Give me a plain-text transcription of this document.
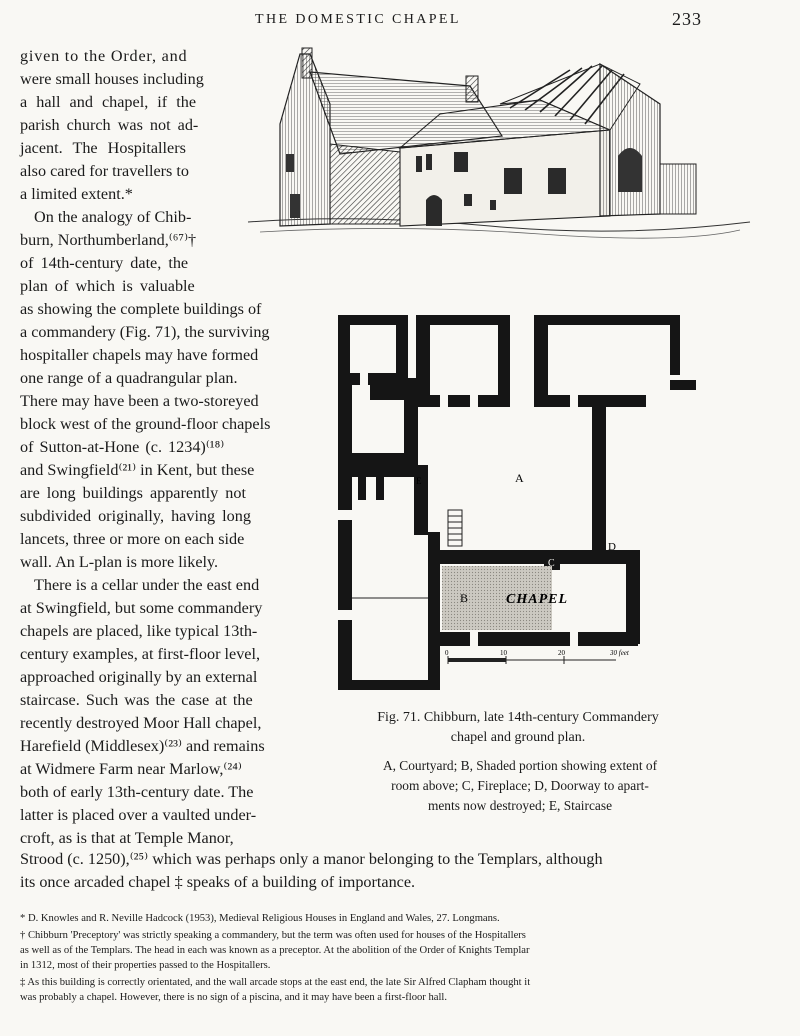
THE DOMESTIC CHAPEL	233
given to the Order, and
were small houses including
a hall and chapel, if the
parish church was not ad-
jacent. The Hospitallers
also cared for travellers to
a limited extent.*
On the analogy of Chib-
burn, Northumberland,⁽⁶⁷⁾†
of 14th-century date, the
plan of which is valuable
as showing the complete buildings of
a commandery (Fig. 71), the surviving
hospitaller chapels may have formed
one range of a quadrangular plan.
There may have been a two-storeyed
block west of the ground-floor chapels
of Sutton-at-Hone (c. 1234)⁽¹⁸⁾
and Swingfield⁽²¹⁾ in Kent, but these
are long buildings apparently not
subdivided originally, having long
lancets, three or more on each side
wall. An L-plan is more likely.
There is a cellar under the east end
at Swingfield, but some commandery
chapels are placed, like typical 13th-
century examples, at first-floor level,
approached originally by an external
staircase. Such was the case at the
recently destroyed Moor Hall chapel,
Harefield (Middlesex)⁽²³⁾ and remains
at Widmere Farm near Marlow,⁽²⁴⁾
both of early 13th-century date. The
latter is placed over a vaulted under-
croft, as is that at Temple Manor,
A
B
C
D
E
CHAPEL
0	10	20	30 feet
Fig. 71. Chibburn, late 14th-century Commandery
chapel and ground plan.
A, Courtyard; B, Shaded portion showing extent of
room above; C, Fireplace; D, Doorway to apart-
ments now destroyed; E, Staircase
Strood (c. 1250),⁽²⁵⁾ which was perhaps only a manor belonging to the Templars, although
its once arcaded chapel ‡ speaks of a building of importance.
* D. Knowles and R. Neville Hadcock (1953), Medieval Religious Houses in England and Wales, 27. Longmans.
† Chibburn 'Preceptory' was strictly speaking a commandery, but the term was often used for houses of the Hospitallers
as well as of the Templars. The head in each was known as a preceptor. At the abolition of the Order of Knights Templar
in 1312, most of their properties passed to the Hospitallers.
‡ As this building is correctly orientated, and the wall arcade stops at the east end, the late Sir Alfred Clapham thought it
was probably a chapel. However, there is no sign of a piscina, and it may have been a first-floor hall.
